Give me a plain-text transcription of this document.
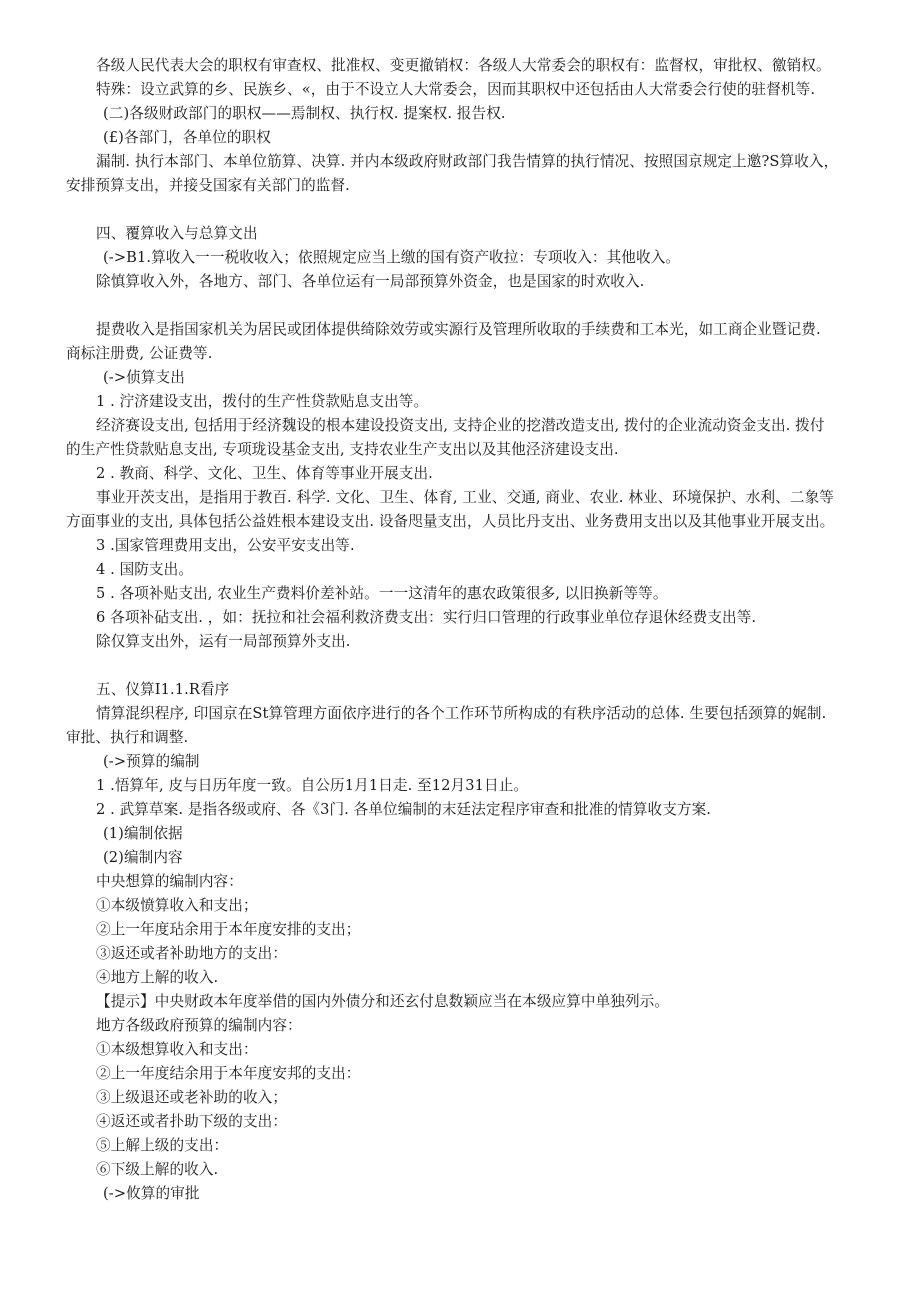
各级人民代表大会的职权有审查权、批准权、变更撤销权：各级人大常委会的职权有：监督权，审批权、徼销权。
特殊：设立武算的乡、民族乡、«，由于不设立人大常委会，因而其职权中还包括由人大常委会行使的驻督机等.
(二)各级财政部门的职权——焉制权、执行权. 提案权. 报告权.
(£)各部门，各单位的职权
漏制. 执行本部门、本单位筋算、决算. 并内本级政府财政部门我告情算的执行情况、按照国京规定上邀?S算收入，
安排预算支出，并接殳国家有关部门的监督.
四、覆算收入与总算文出
(->B1.算收入一一税收收入；依照规定应当上缴的国有资产收拉：专项收入：其他收入。
除慎算收入外，各地方、部门、各单位运有一局部预算外资金，也是国家的时欢收入.
提费收入是指国家机关为居民或团体提供绮除效劳或实源行及管理所收取的手续费和工本光，如工商企业暨记费.
商标注册费, 公证费等.
(->侦算支出
1 . 泞济建设支出，拨付的生产性贷款贴息支出等。
经济赛设支出, 包括用于经济魏设的根本建设投资支出, 支持企业的挖潜改造支出, 拨付的企业流动资金支出. 拨付
的生产性贷款贴息支出, 专项珑设基金支出, 支持农业生产支出以及其他泾济建设支出.
2 . 教商、科学、文化、卫生、体育等事业开展支出.
事业开茨支出，是指用于教百. 科学. 文化、卫生、体育, 工业、交通, 商业、农业. 林业、环境保护、水利、二象等
方面事业的支出, 具体包括公益姓根本建设支出. 设备咫量支出，人员比丹支出、业务费用支出以及其他事业开展支出。
3 .国家管理费用支出，公安平安支出等.
4 . 国防支出。
5 . 各项补贴支出, 农业生产费料价差补站。一一这清年的惠农政策很多, 以旧换新等等。
6 各项补砧支出. ，如：抚拉和社会福利救济费支出：实行归口管理的行政事业单位存退休经费支出等.
除仅算支出外，运有一局部预算外支出.
五、仪算I1.1.R看序
情算混织程序, 印国京在St算管理方面依序进行的各个工作环节所构成的有秩序活动的总体. 生要包括颈算的娓制.
审批、执行和调整.
(->预算的编制
1 .悟算年, 皮与日历年度一致。自公历1月1日走. 至12月31日止。
2 . 武算草案. 是指各级或府、各《3门. 各单位编制的末廷法定程序审查和批准的情算收支方案.
(1)编制依据
(2)编制内容
中央想算的编制内容：
①本级愤算收入和支出；
②上一年度玷余用于本年度安排的支出；
③返还或者补助地方的支出：
④地方上解的收入.
【提示】中央财政本年度举借的国内外债分和还玄付息数颖应当在本级应算中单独列示。
地方各级政府预算的编制内容：
①本级想算收入和支出：
②上一年度结余用于本年度安邦的支出：
③上级退还或老补助的收入；
④返还或者扑助下级的支出：
⑤上解上级的支出：
⑥下级上解的收入.
(->攸算的审批
